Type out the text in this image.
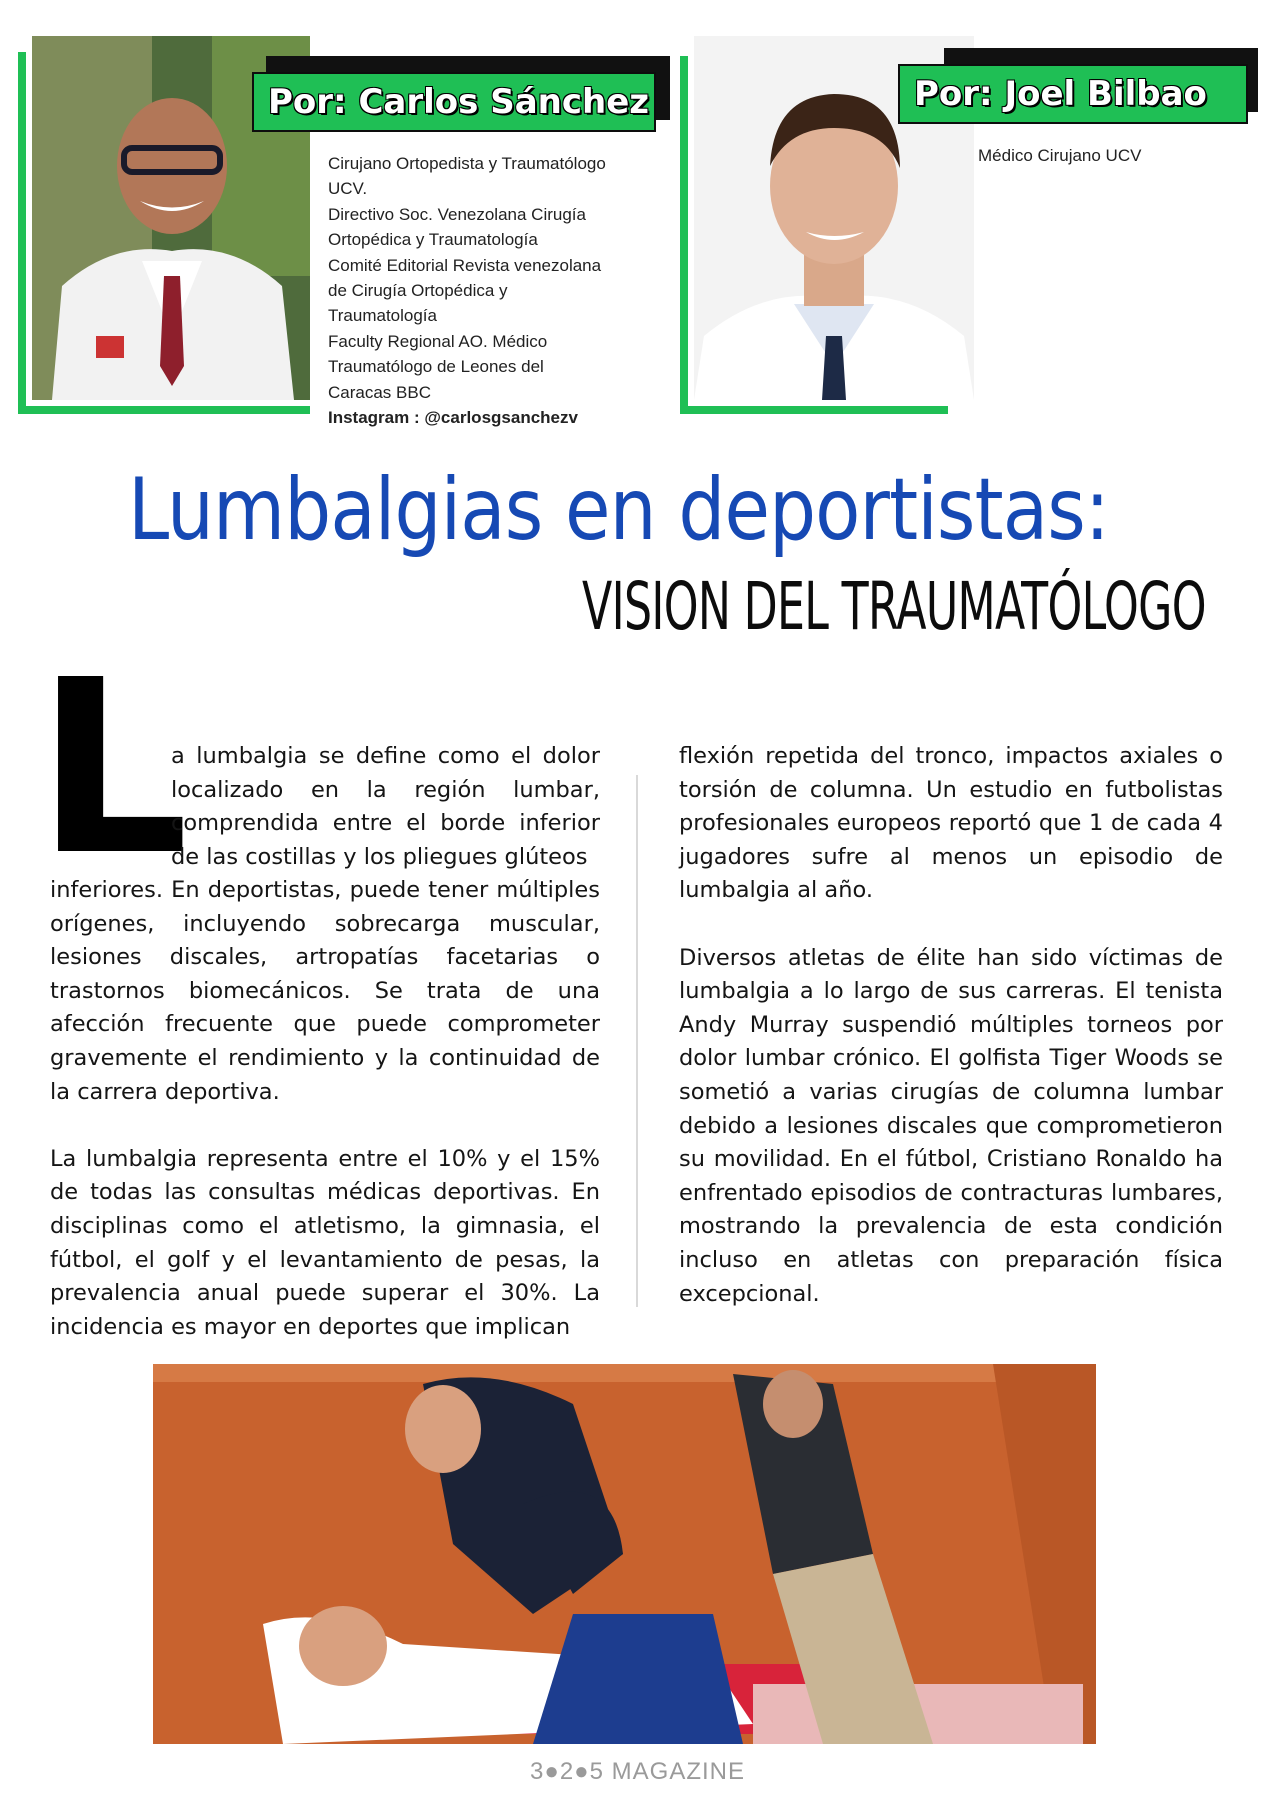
Por: Carlos Sánchez
Cirujano Ortopedista y Traumatólogo
UCV.
Directivo Soc. Venezolana Cirugía
Ortopédica y Traumatología
Comité Editorial Revista venezolana
de Cirugía Ortopédica y
Traumatología
Faculty Regional AO. Médico
Traumatólogo de Leones del
Caracas BBC
Instagram : @carlosgsanchezv
Por: Joel Bilbao
Médico Cirujano UCV
Lumbalgias en deportistas:
VISION DEL TRAUMATÓLOGO
L

a lumbalgia se define como el dolor

localizado en la región lumbar,

comprendida entre el borde inferior

de las costillas y los pliegues glúteos

inferiores. En deportistas, puede tener múltiples orígenes, incluyendo sobrecarga muscular, lesiones discales, artropatías facetarias o trastornos biomecánicos. Se trata de una afección frecuente que puede comprometer gravemente el rendimiento y la continuidad de la carrera deportiva.

La lumbalgia representa entre el 10% y el 15% de todas las consultas médicas deportivas. En disciplinas como el atletismo, la gimnasia, el fútbol, el golf y el levantamiento de pesas, la prevalencia anual puede superar el 30%. La incidencia es mayor en deportes que implican

flexión repetida del tronco, impactos axiales o torsión de columna. Un estudio en futbolistas profesionales europeos reportó que 1 de cada 4 jugadores sufre al menos un episodio de lumbalgia al año.

Diversos atletas de élite han sido víctimas de lumbalgia a lo largo de sus carreras. El tenista Andy Murray suspendió múltiples torneos por dolor lumbar crónico. El golfista Tiger Woods se sometió a varias cirugías de columna lumbar debido a lesiones discales que comprometieron su movilidad. En el fútbol, Cristiano Ronaldo ha enfrentado episodios de contracturas lumbares, mostrando la prevalencia de esta condición incluso en atletas con preparación física excepcional.

3●2●5 MAGAZINE
